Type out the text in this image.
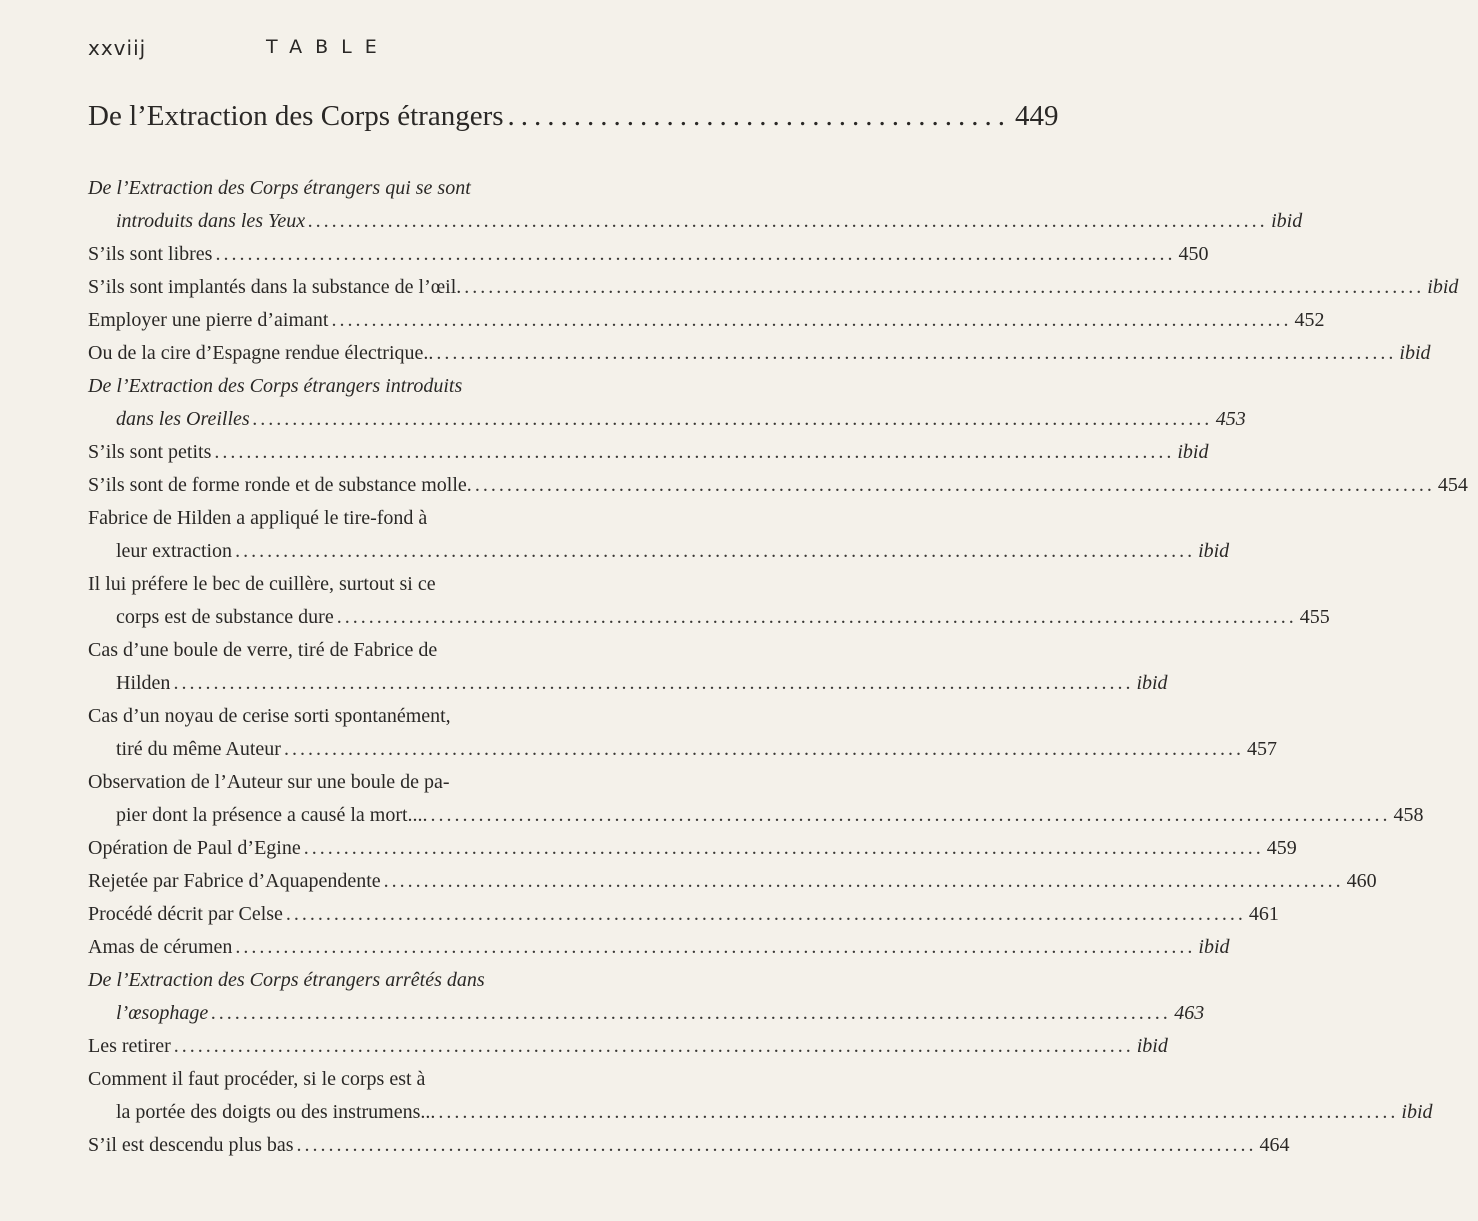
xxviij	TABLE
De l’Extraction des Corps étrangers ...................................... 449
De l’Extraction des Corps étrangers qui se sont
introduits dans les Yeux ........................................................................................................................ ibid
S’ils sont libres ........................................................................................................................ 450
S’ils sont implantés dans la substance de l’œil. ........................................................................................................................ ibid
Employer une pierre d’aimant ........................................................................................................................ 452
Ou de la cire d’Espagne rendue électrique.. ........................................................................................................................ ibid
De l’Extraction des Corps étrangers introduits
dans les Oreilles ........................................................................................................................ 453
S’ils sont petits ........................................................................................................................ ibid
S’ils sont de forme ronde et de substance molle. ........................................................................................................................ 454
Fabrice de Hilden a appliqué le tire-fond à
leur extraction ........................................................................................................................ ibid
Il lui préfere le bec de cuillère, surtout si ce
corps est de substance dure ........................................................................................................................ 455
Cas d’une boule de verre, tiré de Fabrice de
Hilden ........................................................................................................................ ibid
Cas d’un noyau de cerise sorti spontanément,
tiré du même Auteur ........................................................................................................................ 457
Observation de l’Auteur sur une boule de pa-
pier dont la présence a causé la mort.... ........................................................................................................................ 458
Opération de Paul d’Egine ........................................................................................................................ 459
Rejetée par Fabrice d’Aquapendente ........................................................................................................................ 460
Procédé décrit par Celse ........................................................................................................................ 461
Amas de cérumen ........................................................................................................................ ibid
De l’Extraction des Corps étrangers arrêtés dans
l’œsophage ........................................................................................................................ 463
Les retirer ........................................................................................................................ ibid
Comment il faut procéder, si le corps est à
la portée des doigts ou des instrumens... ........................................................................................................................ ibid
S’il est descendu plus bas ........................................................................................................................ 464
